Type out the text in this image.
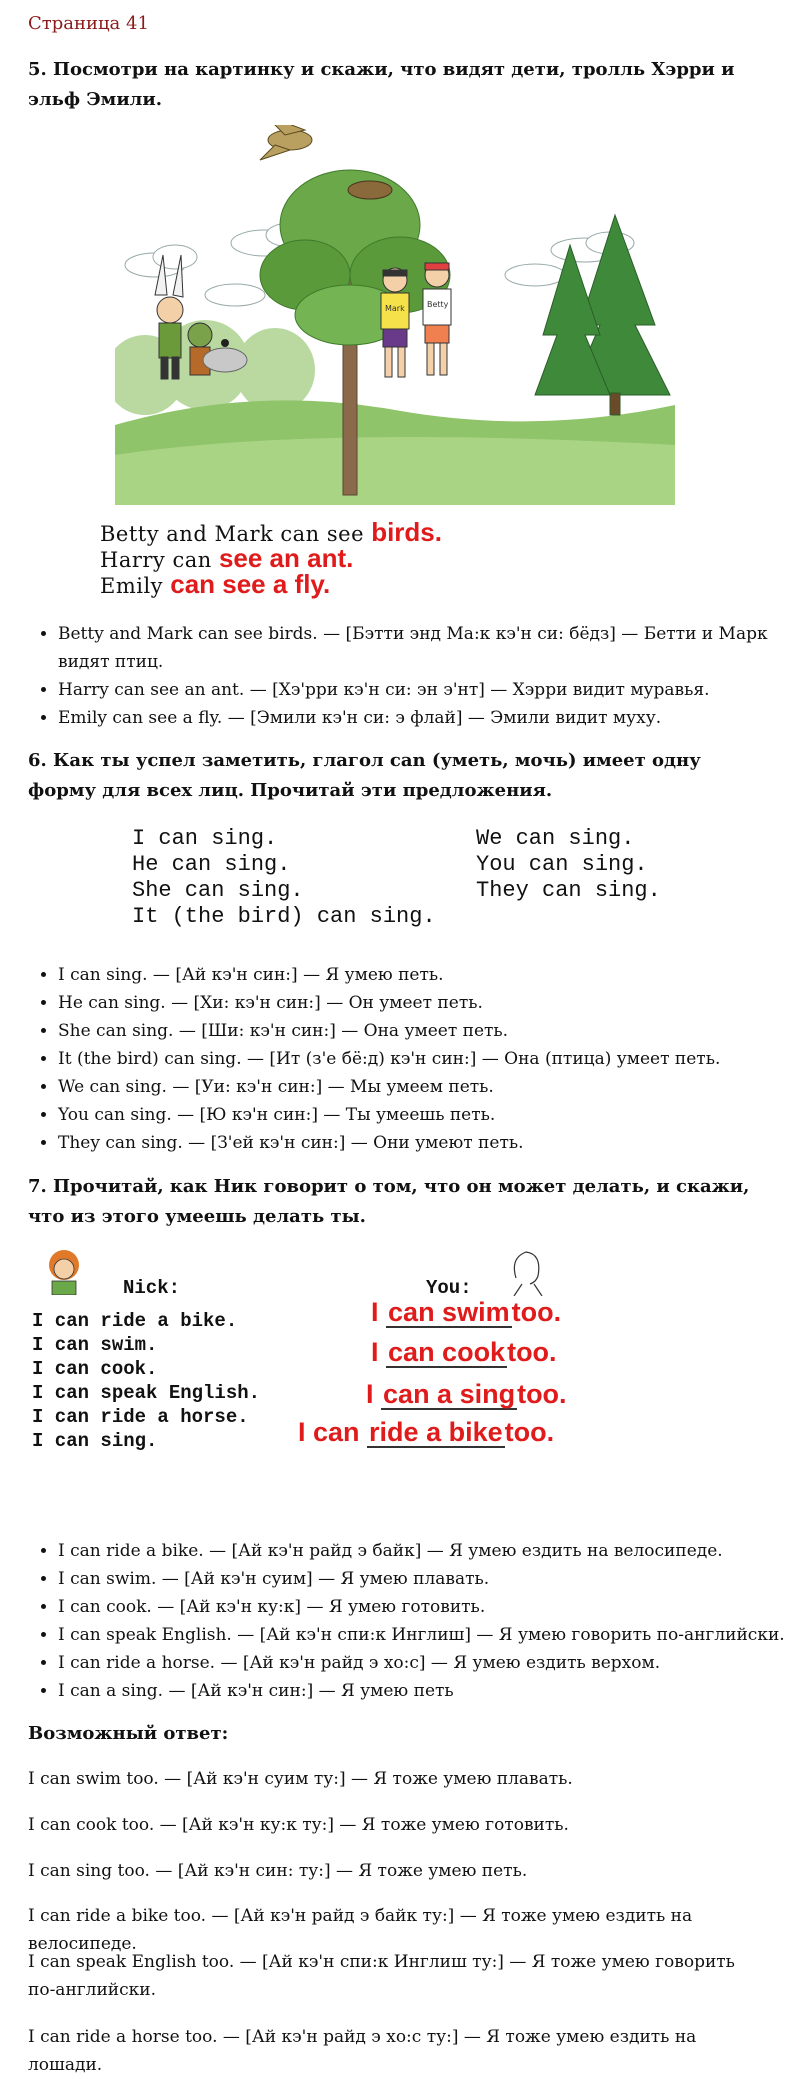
Страница 41
5. Посмотри на картинку и скажи, что видят дети, тролль Хэрри и эльф Эмили.
Mark	Betty
Betty and Mark can see birds.
Harry can see an ant.
Emily can see a fly.
• Betty and Mark can see birds. — [Бэтти энд Ма:к кэ'н си: бёдз] — Бетти и Марк видят птиц.
• Harry can see an ant. — [Хэ'рри кэ'н си: эн э'нт] — Хэрри видит муравья.
• Emily can see a fly. — [Эмили кэ'н си: э флай] — Эмили видит муху.
6. Как ты успел заметить, глагол can (уметь, мочь) имеет одну форму для всех лиц. Прочитай эти предложения.
I can sing.
He can sing.
She can sing.
It (the bird) can sing.
We can sing.
You can sing.
They can sing.
• I can sing. — [Ай кэ'н син:] — Я умею петь.
• He can sing. — [Хи: кэ'н син:] — Он умеет петь.
• She can sing. — [Ши: кэ'н син:] — Она умеет петь.
• It (the bird) can sing. — [Ит (з'е бё:д) кэ'н син:] — Она (птица) умеет петь.
• We can sing. — [Уи: кэ'н син:] — Мы умеем петь.
• You can sing. — [Ю кэ'н син:] — Ты умеешь петь.
• They can sing. — [З'ей кэ'н син:] — Они умеют петь.
7. Прочитай, как Ник говорит о том, что он может делать, и скажи, что из этого умеешь делать ты.
Nick:	You:
I can ride a bike.
I can swim.
I can cook.
I can speak English.
I can ride a horse.
I can sing.
I can swimtoo.
I can cooktoo.
I can a singtoo.
I can ride a biketoo.
• I can ride a bike. — [Ай кэ'н райд э байк] — Я умею ездить на велосипеде.
• I can swim. — [Ай кэ'н суим] — Я умею плавать.
• I can cook. — [Ай кэ'н ку:к] — Я умею готовить.
• I can speak English. — [Ай кэ'н спи:к Инглиш] — Я умею говорить по-английски.
• I can ride a horse. — [Ай кэ'н райд э хо:с] — Я умею ездить верхом.
• I can a sing. — [Ай кэ'н син:] — Я умею петь
Возможный ответ:
I can swim too. — [Ай кэ'н суим ту:] — Я тоже умею плавать.
I can cook too. — [Ай кэ'н ку:к ту:] — Я тоже умею готовить.
I can sing too. — [Ай кэ'н син: ту:] — Я тоже умею петь.
I can ride a bike too. — [Ай кэ'н райд э байк ту:] — Я тоже умею ездить на велосипеде.
I can speak English too. — [Ай кэ'н спи:к Инглиш ту:] — Я тоже умею говорить по-английски.
I can ride a horse too. — [Ай кэ'н райд э хо:с ту:] — Я тоже умею ездить на лошади.
